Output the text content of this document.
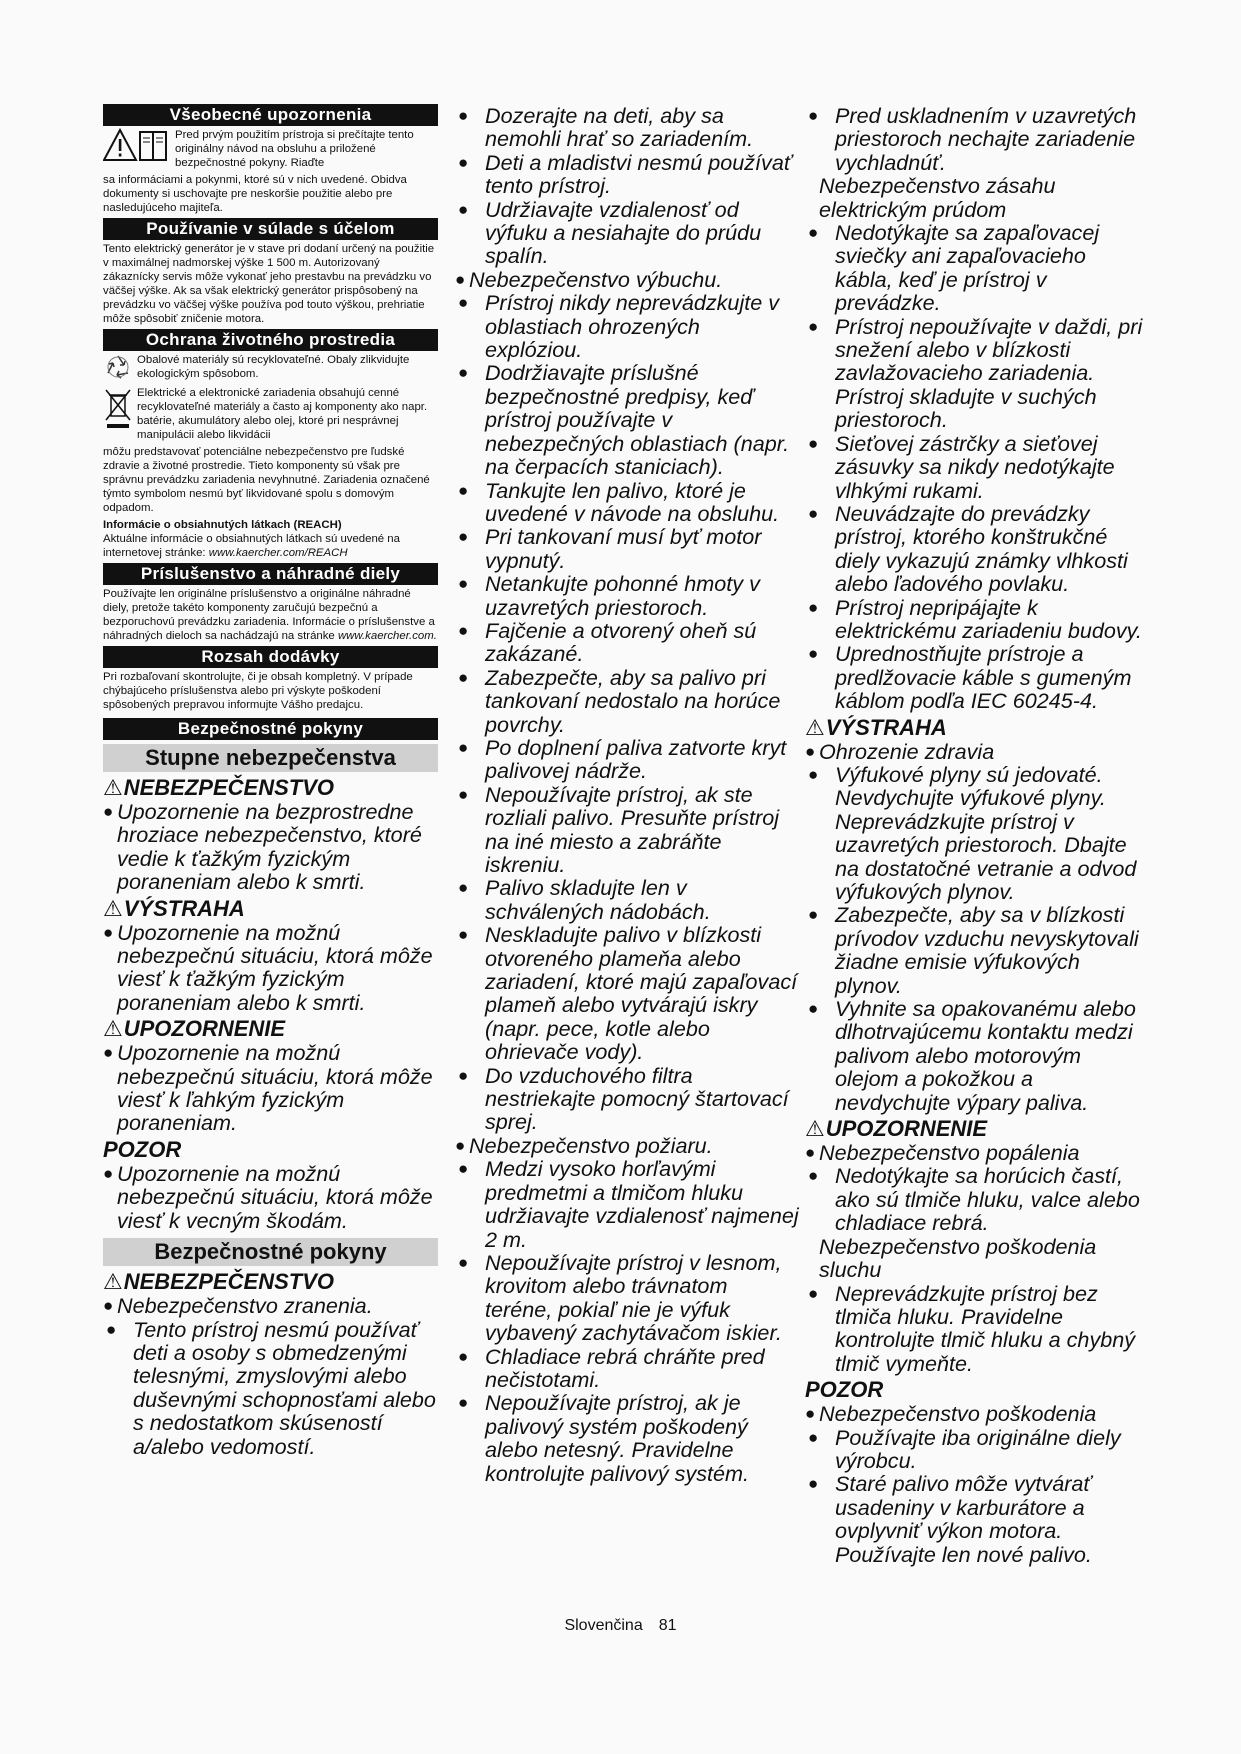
Všeobecné upozornenia
Pred prvým použitím prístroja si prečítajte tento originálny návod na obsluhu a priložené bezpečnostné pokyny. Riaďte
sa informáciami a pokynmi, ktoré sú v nich uvedené. Obidva dokumenty si uschovajte pre neskoršie použitie alebo pre nasledujúceho majiteľa.
Používanie v súlade s účelom
Tento elektrický generátor je v stave pri dodaní určený na použitie v maximálnej nadmorskej výške 1 500 m. Autorizovaný zákaznícky servis môže vykonať jeho prestavbu na prevádzku vo väčšej výške. Ak sa však elektrický generátor prispôsobený na prevádzku vo väčšej výške používa pod touto výškou, prehriatie môže spôsobiť zničenie motora.
Ochrana životného prostredia
Obalové materiály sú recyklovateľné. Obaly zlikvidujte ekologickým spôsobom.
Elektrické a elektronické zariadenia obsahujú cenné recyklovateľné materiály a často aj komponenty ako napr. batérie, akumulátory alebo olej, ktoré pri nesprávnej manipulácii alebo likvidácii
môžu predstavovať potenciálne nebezpečenstvo pre ľudské zdravie a životné prostredie. Tieto komponenty sú však pre správnu prevádzku zariadenia nevyhnutné. Zariadenia označené týmto symbolom nesmú byť likvidované spolu s domovým odpadom.
Informácie o obsiahnutých látkach (REACH)
Aktuálne informácie o obsiahnutých látkach sú uvedené na internetovej stránke: www.kaercher.com/REACH
Príslušenstvo a náhradné diely
Používajte len originálne príslušenstvo a originálne náhradné diely, pretože takéto komponenty zaručujú bezpečnú a bezporuchovú prevádzku zariadenia. Informácie o príslušenstve a náhradných dieloch sa nachádzajú na stránke www.kaercher.com.
Rozsah dodávky
Pri rozbaľovaní skontrolujte, či je obsah kompletný. V prípade chýbajúceho príslušenstva alebo pri výskyte poškodení spôsobených prepravou informujte Vášho predajcu.
Bezpečnostné pokyny
Stupne nebezpečenstva
⚠NEBEZPEČENSTVO
● Upozornenie na bezprostredne hroziace nebezpečenstvo, ktoré vedie k ťažkým fyzickým poraneniam alebo k smrti.
⚠VÝSTRAHA
● Upozornenie na možnú nebezpečnú situáciu, ktorá môže viesť k ťažkým fyzickým poraneniam alebo k smrti.
⚠UPOZORNENIE
● Upozornenie na možnú nebezpečnú situáciu, ktorá môže viesť k ľahkým fyzickým poraneniam.
POZOR
● Upozornenie na možnú nebezpečnú situáciu, ktorá môže viesť k vecným škodám.
Bezpečnostné pokyny
⚠NEBEZPEČENSTVO
● Nebezpečenstvo zranenia.
● Tento prístroj nesmú používať deti a osoby s obmedzenými telesnými, zmyslovými alebo duševnými schopnosťami alebo s nedostatkom skúseností a/alebo vedomostí.
● Dozerajte na deti, aby sa nemohli hrať so zariadením.
● Deti a mladistvi nesmú používať tento prístroj.
● Udržiavajte vzdialenosť od výfuku a nesiahajte do prúdu spalín.
● Nebezpečenstvo výbuchu.
● Prístroj nikdy neprevádzkujte v oblastiach ohrozených explóziou.
● Dodržiavajte príslušné bezpečnostné predpisy, keď prístroj používajte v nebezpečných oblastiach (napr. na čerpacích staniciach).
● Tankujte len palivo, ktoré je uvedené v návode na obsluhu.
● Pri tankovaní musí byť motor vypnutý.
● Netankujte pohonné hmoty v uzavretých priestoroch.
● Fajčenie a otvorený oheň sú zakázané.
● Zabezpečte, aby sa palivo pri tankovaní nedostalo na horúce povrchy.
● Po doplnení paliva zatvorte kryt palivovej nádrže.
● Nepoužívajte prístroj, ak ste rozliali palivo. Presuňte prístroj na iné miesto a zabráňte iskreniu.
● Palivo skladujte len v schválených nádobách.
● Neskladujte palivo v blízkosti otvoreného plameňa alebo zariadení, ktoré majú zapaľovací plameň alebo vytvárajú iskry (napr. pece, kotle alebo ohrievače vody).
● Do vzduchového filtra nestriekajte pomocný štartovací sprej.
● Nebezpečenstvo požiaru.
● Medzi vysoko horľavými predmetmi a tlmičom hluku udržiavajte vzdialenosť najmenej 2 m.
● Nepoužívajte prístroj v lesnom, krovitom alebo trávnatom teréne, pokiaľ nie je výfuk vybavený zachytávačom iskier.
● Chladiace rebrá chráňte pred nečistotami.
● Nepoužívajte prístroj, ak je palivový systém poškodený alebo netesný. Pravidelne kontrolujte palivový systém.
● Pred uskladnením v uzavretých priestoroch nechajte zariadenie vychladnúť.
Nebezpečenstvo zásahu elektrickým prúdom
● Nedotýkajte sa zapaľovacej sviečky ani zapaľovacieho kábla, keď je prístroj v prevádzke.
● Prístroj nepoužívajte v daždi, pri snežení alebo v blízkosti zavlažovacieho zariadenia. Prístroj skladujte v suchých priestoroch.
● Sieťovej zástrčky a sieťovej zásuvky sa nikdy nedotýkajte vlhkými rukami.
● Neuvádzajte do prevádzky prístroj, ktorého konštrukčné diely vykazujú známky vlhkosti alebo ľadového povlaku.
● Prístroj nepripájajte k elektrickému zariadeniu budovy.
● Uprednostňujte prístroje a predlžovacie káble s gumeným káblom podľa IEC 60245-4.
⚠VÝSTRAHA
● Ohrozenie zdravia
● Výfukové plyny sú jedovaté. Nevdychujte výfukové plyny. Neprevádzkujte prístroj v uzavretých priestoroch. Dbajte na dostatočné vetranie a odvod výfukových plynov.
● Zabezpečte, aby sa v blízkosti prívodov vzduchu nevyskytovali žiadne emisie výfukových plynov.
● Vyhnite sa opakovanému alebo dlhotrvajúcemu kontaktu medzi palivom alebo motorovým olejom a pokožkou a nevdychujte výpary paliva.
⚠UPOZORNENIE
● Nebezpečenstvo popálenia
● Nedotýkajte sa horúcich častí, ako sú tlmiče hluku, valce alebo chladiace rebrá.
Nebezpečenstvo poškodenia sluchu
● Neprevádzkujte prístroj bez tlmiča hluku. Pravidelne kontrolujte tlmič hluku a chybný tlmič vymeňte.
POZOR
● Nebezpečenstvo poškodenia
● Používajte iba originálne diely výrobcu.
● Staré palivo môže vytvárať usadeniny v karburátore a ovplyvniť výkon motora. Používajte len nové palivo.
Slovenčina 81
